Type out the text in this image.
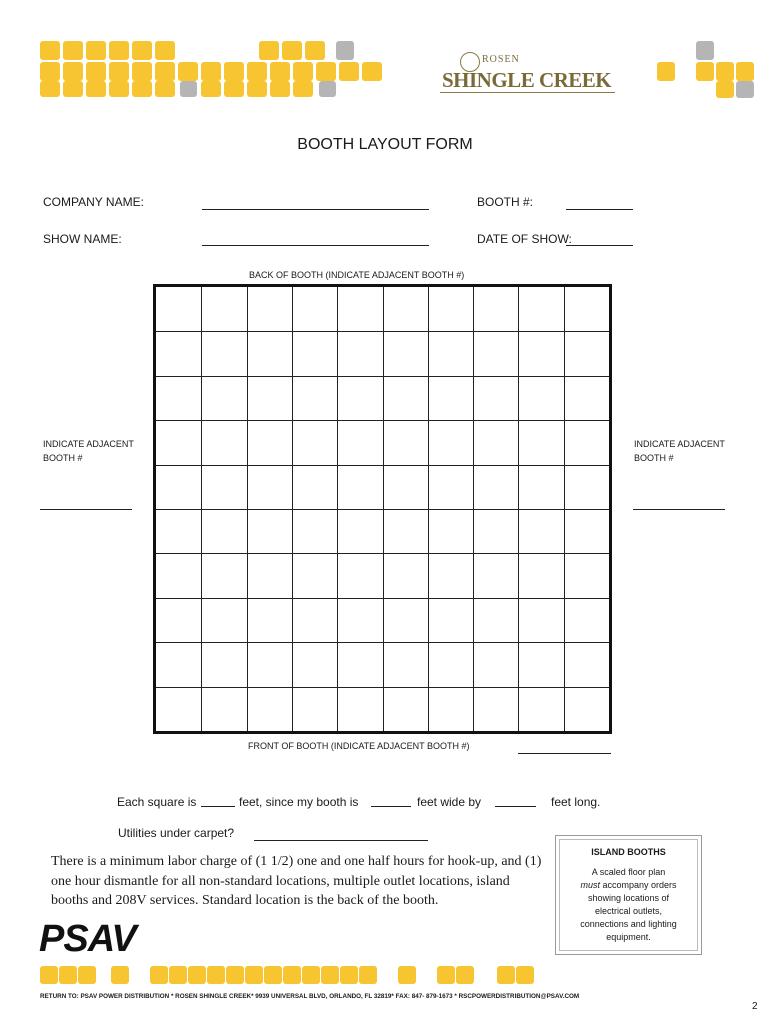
ROSEN
SHINGLE CREEK
BOOTH LAYOUT FORM
COMPANY NAME:	BOOTH #:
SHOW NAME:	DATE OF SHOW:
BACK OF BOOTH (INDICATE ADJACENT BOOTH #)
INDICATE ADJACENT
BOOTH #
INDICATE ADJACENT
BOOTH #
FRONT OF BOOTH (INDICATE ADJACENT BOOTH #)
Each square is	feet, since my booth is	feet wide by	feet long.
Utilities under carpet?
There is a minimum labor charge of (1 1/2) one and one half hours for hook-up, and (1) one hour dismantle for all non-standard locations, multiple outlet locations, island booths and 208V services. Standard location is the back of the booth.
ISLAND BOOTHS
A scaled floor plan
must accompany orders
showing locations of
electrical outlets,
connections and lighting
equipment.
PSAV
RETURN TO: PSAV POWER DISTRIBUTION * ROSEN SHINGLE CREEK* 9939 UNIVERSAL BLVD, ORLANDO, FL 32819* FAX: 847- 879-1673 * RSCPOWERDISTRIBUTION@PSAV.COM
2
